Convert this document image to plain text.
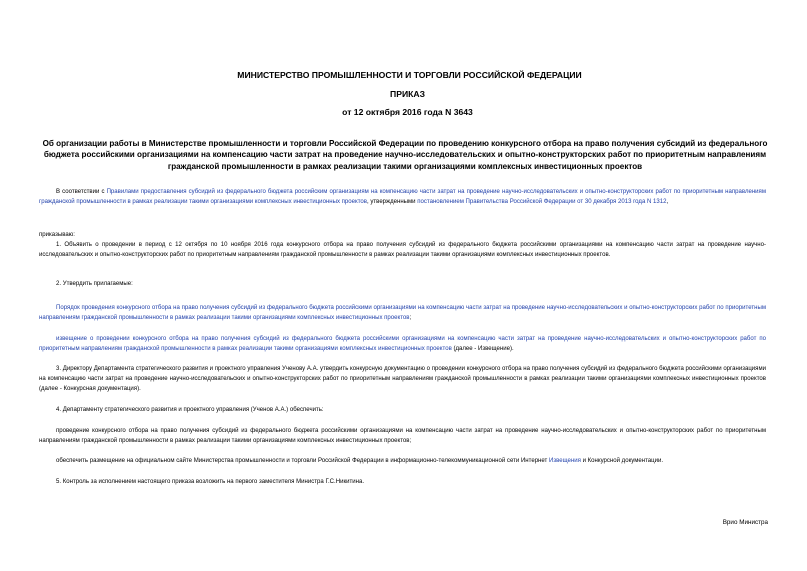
МИНИСТЕРСТВО ПРОМЫШЛЕННОСТИ И ТОРГОВЛИ РОССИЙСКОЙ ФЕДЕРАЦИИ
ПРИКАЗ
от 12 октября 2016 года N 3643
Об организации работы в Министерстве промышленности и торговли Российской Федерации по проведению конкурсного отбора на право получения субсидий из федерального бюджета российскими организациями на компенсацию части затрат на проведение научно-исследовательских и опытно-конструкторских работ по приоритетным направлениям гражданской промышленности в рамках реализации такими организациями комплексных инвестиционных проектов
В соответствии с Правилами предоставления субсидий из федерального бюджета российским организациям на компенсацию части затрат на проведение научно-исследовательских и опытно-конструкторских работ по приоритетным направлениям гражданской промышленности в рамках реализации такими организациями комплексных инвестиционных проектов, утвержденными постановлением Правительства Российской Федерации от 30 декабря 2013 года N 1312,
приказываю:
1. Объявить о проведении в период с 12 октября по 10 ноября 2016 года конкурсного отбора на право получения субсидий из федерального бюджета российскими организациями на компенсацию части затрат на проведение научно-исследовательских и опытно-конструкторских работ по приоритетным направлениям гражданской промышленности в рамках реализации такими организациями комплексных инвестиционных проектов.
2. Утвердить прилагаемые:
Порядок проведения конкурсного отбора на право получения субсидий из федерального бюджета российскими организациями на компенсацию части затрат на проведение научно-исследовательских и опытно-конструкторских работ по приоритетным направлениям гражданской промышленности в рамках реализации такими организациями комплексных инвестиционных проектов;
извещение о проведении конкурсного отбора на право получения субсидий из федерального бюджета российскими организациями на компенсацию части затрат на проведение научно-исследовательских и опытно-конструкторских работ по приоритетным направлениям гражданской промышленности в рамках реализации такими организациями комплексных инвестиционных проектов (далее - Извещение).
3. Директору Департамента стратегического развития и проектного управления Ученову А.А. утвердить конкурсную документацию о проведении конкурсного отбора на право получения субсидий из федерального бюджета российскими организациями на компенсацию части затрат на проведение научно-исследовательских и опытно-конструкторских работ по приоритетным направлениям гражданской промышленности в рамках реализации такими организациями комплексных инвестиционных проектов (далее - Конкурсная документация).
4. Департаменту стратегического развития и проектного управления (Ученов А.А.) обеспечить:
проведение конкурсного отбора на право получения субсидий из федерального бюджета российскими организациями на компенсацию части затрат на проведение научно-исследовательских и опытно-конструкторских работ по приоритетным направлениям гражданской промышленности в рамках реализации такими организациями комплексных инвестиционных проектов;
обеспечить размещение на официальном сайте Министерства промышленности и торговли Российской Федерации в информационно-телекоммуникационной сети Интернет Извещения и Конкурсной документации.
5. Контроль за исполнением настоящего приказа возложить на первого заместителя Министра Г.С.Никитина.
Врио Министра
